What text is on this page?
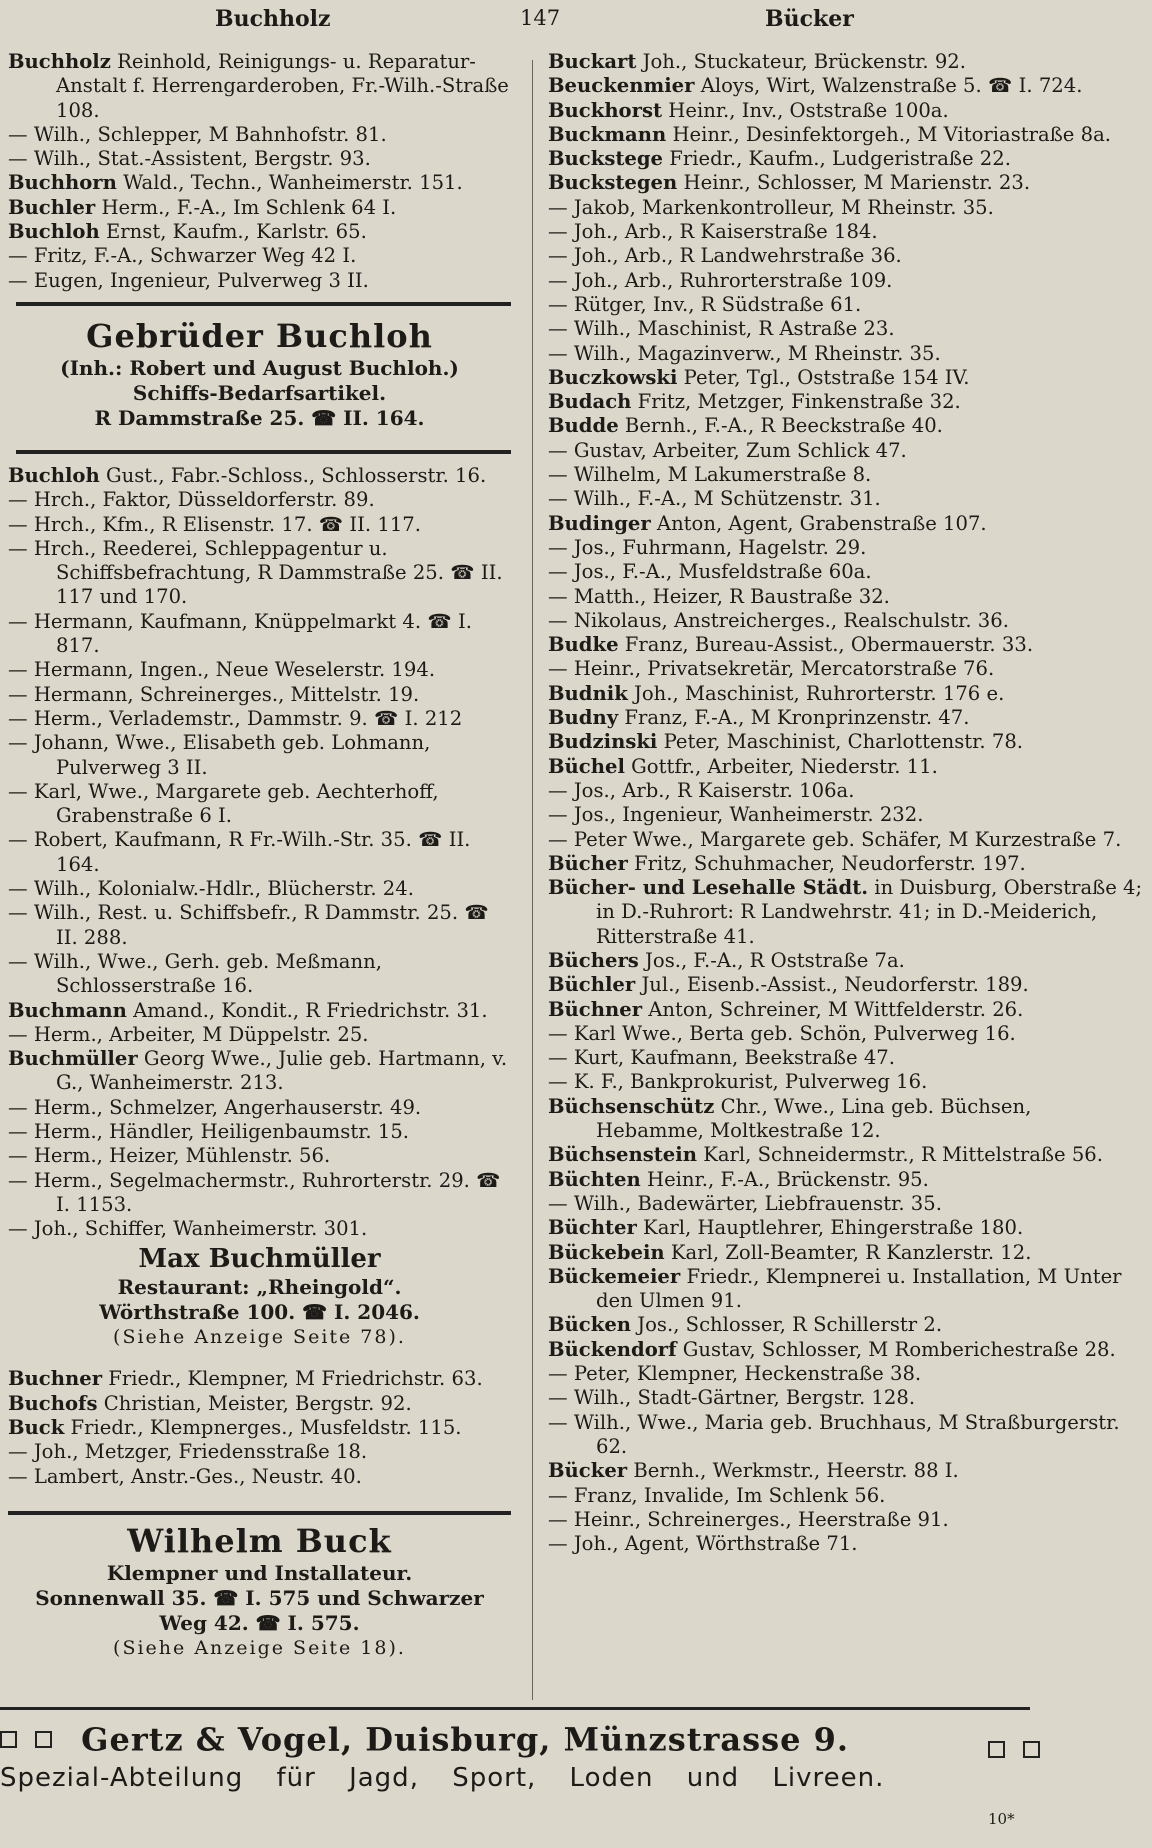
Buchholz	147	Bücker

Buchholz Reinhold, Reinigungs- u. Reparatur-Anstalt f. Herrengarderoben, Fr.-Wilh.-Straße 108.

— Wilh., Schlepper, M Bahnhofstr. 81.

— Wilh., Stat.-Assistent, Bergstr. 93.

Buchhorn Wald., Techn., Wanheimerstr. 151.

Buchler Herm., F.-A., Im Schlenk 64 I.

Buchloh Ernst, Kaufm., Karlstr. 65.

— Fritz, F.-A., Schwarzer Weg 42 I.

— Eugen, Ingenieur, Pulverweg 3 II.

Gebrüder Buchloh
(Inh.: Robert und August Buchloh.)
Schiffs-Bedarfsartikel.
R Dammstraße 25. ☎ II. 164.

Buchloh Gust., Fabr.-Schloss., Schlosserstr. 16.

— Hrch., Faktor, Düsseldorferstr. 89.

— Hrch., Kfm., R Elisenstr. 17. ☎ II. 117.

— Hrch., Reederei, Schleppagentur u. Schiffsbefrachtung, R Dammstraße 25. ☎ II. 117 und 170.

— Hermann, Kaufmann, Knüppelmarkt 4. ☎ I. 817.

— Hermann, Ingen., Neue Weselerstr. 194.

— Hermann, Schreinerges., Mittelstr. 19.

— Herm., Verlademstr., Dammstr. 9. ☎ I. 212

— Johann, Wwe., Elisabeth geb. Lohmann, Pulverweg 3 II.

— Karl, Wwe., Margarete geb. Aechterhoff, Grabenstraße 6 I.

— Robert, Kaufmann, R Fr.-Wilh.-Str. 35. ☎ II. 164.

— Wilh., Kolonialw.-Hdlr., Blücherstr. 24.

— Wilh., Rest. u. Schiffsbefr., R Dammstr. 25. ☎ II. 288.

— Wilh., Wwe., Gerh. geb. Meßmann, Schlosserstraße 16.

Buchmann Amand., Kondit., R Friedrichstr. 31.

— Herm., Arbeiter, M Düppelstr. 25.

Buchmüller Georg Wwe., Julie geb. Hartmann, v. G., Wanheimerstr. 213.

— Herm., Schmelzer, Angerhauserstr. 49.

— Herm., Händler, Heiligenbaumstr. 15.

— Herm., Heizer, Mühlenstr. 56.

— Herm., Segelmachermstr., Ruhrorterstr. 29. ☎ I. 1153.

— Joh., Schiffer, Wanheimerstr. 301.

Max Buchmüller
Restaurant: „Rheingold“.
Wörthstraße 100. ☎ I. 2046.
(Siehe Anzeige Seite 78).

Buchner Friedr., Klempner, M Friedrichstr. 63.

Buchofs Christian, Meister, Bergstr. 92.

Buck Friedr., Klempnerges., Musfeldstr. 115.

— Joh., Metzger, Friedensstraße 18.

— Lambert, Anstr.-Ges., Neustr. 40.

Wilhelm Buck
Klempner und Installateur.
Sonnenwall 35. ☎ I. 575 und Schwarzer
Weg 42. ☎ I. 575.
(Siehe Anzeige Seite 18).

Buckart Joh., Stuckateur, Brückenstr. 92.

Beuckenmier Aloys, Wirt, Walzenstraße 5. ☎ I. 724.

Buckhorst Heinr., Inv., Oststraße 100a.

Buckmann Heinr., Desinfektorgeh., M Vitoriastraße 8a.

Buckstege Friedr., Kaufm., Ludgeristraße 22.

Buckstegen Heinr., Schlosser, M Marienstr. 23.

— Jakob, Markenkontrolleur, M Rheinstr. 35.

— Joh., Arb., R Kaiserstraße 184.

— Joh., Arb., R Landwehrstraße 36.

— Joh., Arb., Ruhrorterstraße 109.

— Rütger, Inv., R Südstraße 61.

— Wilh., Maschinist, R Astraße 23.

— Wilh., Magazinverw., M Rheinstr. 35.

Buczkowski Peter, Tgl., Oststraße 154 IV.

Budach Fritz, Metzger, Finkenstraße 32.

Budde Bernh., F.-A., R Beeckstraße 40.

— Gustav, Arbeiter, Zum Schlick 47.

— Wilhelm, M Lakumerstraße 8.

— Wilh., F.-A., M Schützenstr. 31.

Budinger Anton, Agent, Grabenstraße 107.

— Jos., Fuhrmann, Hagelstr. 29.

— Jos., F.-A., Musfeldstraße 60a.

— Matth., Heizer, R Baustraße 32.

— Nikolaus, Anstreicherges., Realschulstr. 36.

Budke Franz, Bureau-Assist., Obermauerstr. 33.

— Heinr., Privatsekretär, Mercatorstraße 76.

Budnik Joh., Maschinist, Ruhrorterstr. 176 e.

Budny Franz, F.-A., M Kronprinzenstr. 47.

Budzinski Peter, Maschinist, Charlottenstr. 78.

Büchel Gottfr., Arbeiter, Niederstr. 11.

— Jos., Arb., R Kaiserstr. 106a.

— Jos., Ingenieur, Wanheimerstr. 232.

— Peter Wwe., Margarete geb. Schäfer, M Kurzestraße 7.

Bücher Fritz, Schuhmacher, Neudorferstr. 197.

Bücher- und Lesehalle Städt. in Duisburg, Oberstraße 4; in D.-Ruhrort: R Landwehrstr. 41; in D.-Meiderich, Ritterstraße 41.

Büchers Jos., F.-A., R Oststraße 7a.

Büchler Jul., Eisenb.-Assist., Neudorferstr. 189.

Büchner Anton, Schreiner, M Wittfelderstr. 26.

— Karl Wwe., Berta geb. Schön, Pulverweg 16.

— Kurt, Kaufmann, Beekstraße 47.

— K. F., Bankprokurist, Pulverweg 16.

Büchsenschütz Chr., Wwe., Lina geb. Büchsen, Hebamme, Moltkestraße 12.

Büchsenstein Karl, Schneidermstr., R Mittelstraße 56.

Büchten Heinr., F.-A., Brückenstr. 95.

— Wilh., Badewärter, Liebfrauenstr. 35.

Büchter Karl, Hauptlehrer, Ehingerstraße 180.

Bückebein Karl, Zoll-Beamter, R Kanzlerstr. 12.

Bückemeier Friedr., Klempnerei u. Installation, M Unter den Ulmen 91.

Bücken Jos., Schlosser, R Schillerstr 2.

Bückendorf Gustav, Schlosser, M Romberichestraße 28.

— Peter, Klempner, Heckenstraße 38.

— Wilh., Stadt-Gärtner, Bergstr. 128.

— Wilh., Wwe., Maria geb. Bruchhaus, M Straßburgerstr. 62.

Bücker Bernh., Werkmstr., Heerstr. 88 I.

— Franz, Invalide, Im Schlenk 56.

— Heinr., Schreinerges., Heerstraße 91.

— Joh., Agent, Wörthstraße 71.

Gertz & Vogel, Duisburg, Münzstrasse 9.
Spezial-Abteilung für Jagd, Sport, Loden und Livreen.
10*
